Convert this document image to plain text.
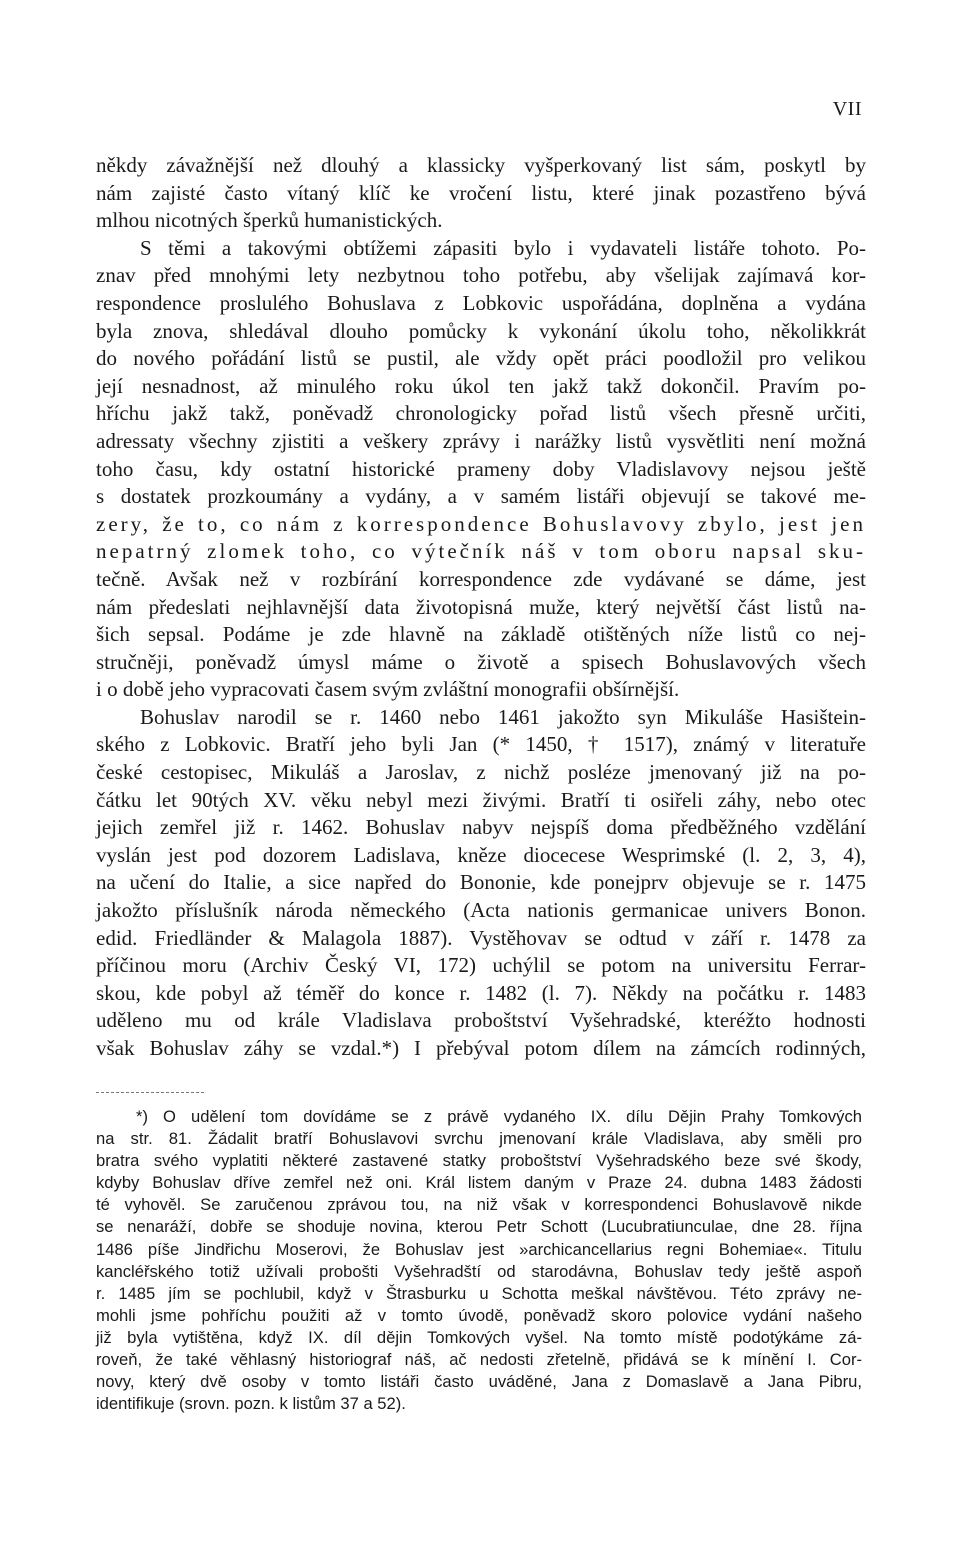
VII
někdy závažnější než dlouhý a klassicky vyšperkovaný list sám, poskytl by
nám zajisté často vítaný klíč ke vročení listu, které jinak pozastřeno bývá
mlhou nicotných šperků humanistických.
S těmi a takovými obtížemi zápasiti bylo i vydavateli listáře tohoto. Po-
znav před mnohými lety nezbytnou toho potřebu, aby všelijak zajímavá kor-
respondence proslulého Bohuslava z Lobkovic uspořádána, doplněna a vydána
byla znova, shledával dlouho pomůcky k vykonání úkolu toho, několikkrát
do nového pořádání listů se pustil, ale vždy opět práci poodložil pro velikou
její nesnadnost, až minulého roku úkol ten jakž takž dokončil. Pravím po-
hříchu jakž takž, poněvadž chronologicky pořad listů všech přesně určiti,
adressaty všechny zjistiti a veškery zprávy i narážky listů vysvětliti není možná
toho času, kdy ostatní historické prameny doby Vladislavovy nejsou ještě
s dostatek prozkoumány a vydány, a v samém listáři objevují se takové me-
zery, že to, co nám z korrespondence Bohuslavovy zbylo, jest jen
nepatrný zlomek toho, co výtečník náš v tom oboru napsal sku-
tečně. Avšak než v rozbírání korrespondence zde vydávané se dáme, jest
nám předeslati nejhlavnější data životopisná muže, který největší část listů na-
šich sepsal. Podáme je zde hlavně na základě otištěných níže listů co nej-
stručněji, poněvadž úmysl máme o životě a spisech Bohuslavových všech
i o době jeho vypracovati časem svým zvláštní monografii obšírnější.
Bohuslav narodil se r. 1460 nebo 1461 jakožto syn Mikuláše Hasištein-
ského z Lobkovic. Bratří jeho byli Jan (* 1450, † 1517), známý v literatuře
české cestopisec, Mikuláš a Jaroslav, z nichž posléze jmenovaný již na po-
čátku let 90tých XV. věku nebyl mezi živými. Bratří ti osiřeli záhy, nebo otec
jejich zemřel již r. 1462. Bohuslav nabyv nejspíš doma předběžného vzdělání
vyslán jest pod dozorem Ladislava, kněze diocecese Wesprimské (l. 2, 3, 4),
na učení do Italie, a sice napřed do Bononie, kde ponejprv objevuje se r. 1475
jakožto příslušník národa německého (Acta nationis germanicae univers Bonon.
edid. Friedländer & Malagola 1887). Vystěhovav se odtud v září r. 1478 za
příčinou moru (Archiv Český VI, 172) uchýlil se potom na universitu Ferrar-
skou, kde pobyl až téměř do konce r. 1482 (l. 7). Někdy na počátku r. 1483
uděleno mu od krále Vladislava proboštství Vyšehradské, kteréžto hodnosti
však Bohuslav záhy se vzdal.*) I přebýval potom dílem na zámcích rodinných,
*) O udělení tom dovídáme se z právě vydaného IX. dílu Dějin Prahy Tomkových
na str. 81. Žádalit bratří Bohuslavovi svrchu jmenovaní krále Vladislava, aby směli pro
bratra svého vyplatiti některé zastavené statky proboštství Vyšehradského beze své škody,
kdyby Bohuslav dříve zemřel než oni. Král listem daným v Praze 24. dubna 1483 žádosti
té vyhověl. Se zaručenou zprávou tou, na niž však v korrespondenci Bohuslavově nikde
se nenaráží, dobře se shoduje novina, kterou Petr Schott (Lucubratiunculae, dne 28. října
1486 píše Jindřichu Moserovi, že Bohuslav jest »archicancellarius regni Bohemiae«. Titulu
kancléřského totiž užívali probošti Vyšehradští od starodávna, Bohuslav tedy ještě aspoň
r. 1485 jím se pochlubil, když v Štrasburku u Schotta meškal návštěvou. Této zprávy ne-
mohli jsme pohříchu použiti až v tomto úvodě, poněvadž skoro polovice vydání našeho
již byla vytištěna, když IX. díl dějin Tomkových vyšel. Na tomto místě podotýkáme zá-
roveň, že také věhlasný historiograf náš, ač nedosti zřetelně, přidává se k mínění I. Cor-
novy, který dvě osoby v tomto listáři často uváděné, Jana z Domaslavě a Jana Pibru,
identifikuje (srovn. pozn. k listům 37 a 52).
